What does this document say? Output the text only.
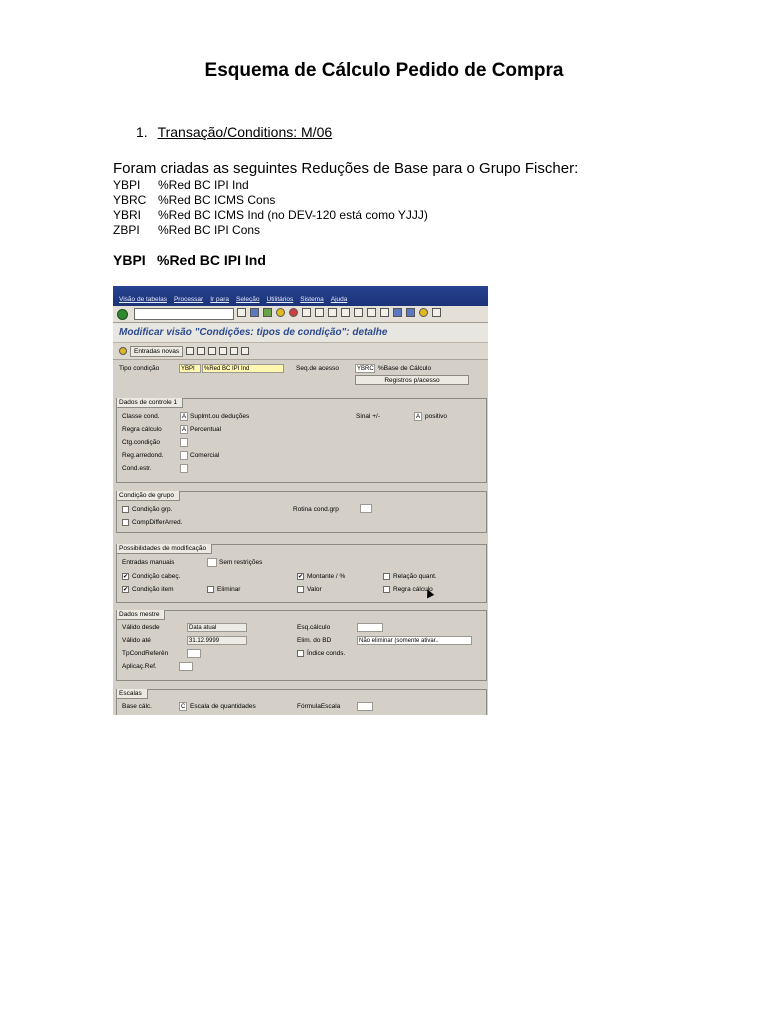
Esquema de Cálculo Pedido de Compra
1. Transação/Conditions: M/06
Foram criadas as seguintes Reduções de Base para o Grupo Fischer:
YBPI	%Red BC IPI Ind
YBRC %Red BC ICMS Cons
YBRI	%Red BC ICMS Ind (no DEV-120 está como YJJJ)
ZBPI	%Red BC IPI Cons
YBPI %Red BC IPI Ind
Visão de tabelas Processar Ir para Seleção Utilitários Sistema Ajuda
Modificar visão "Condições: tipos de condição": detalhe
Entradas novas
Tipo condição	YBPI	%Red BC IPI Ind	Seq.de acesso	YBRC %Base de Cálculo
Registros p/acesso
Dados de controle 1
Classe cond.	A Suplmt.ou deduções	Sinal +/-	A positivo
Regra cálculo	A Percentual
Ctg.condição
Reg.arredond.	Comercial
Cond.estr.
Condição de grupo
Condição grp.	Rotina cond.grp
CompDifferArred.
Possibilidades de modificação
Entradas manuais	Sem restrições
✔ Condição cabeç.	✔ Montante / %	Relação quant.
✔ Condição item	Eliminar	Valor	Regra cálculo
Dados mestre
Válido desde	Data atual	Esq.cálculo
Válido até	31.12.9999	Elim. do BD	Não eliminar (somente ativar..
TpCondReferên	Índice conds.
Aplicaç.Ref.
Escalas
Base cálc.	C Escala de quantidades	FórmulaEscala
